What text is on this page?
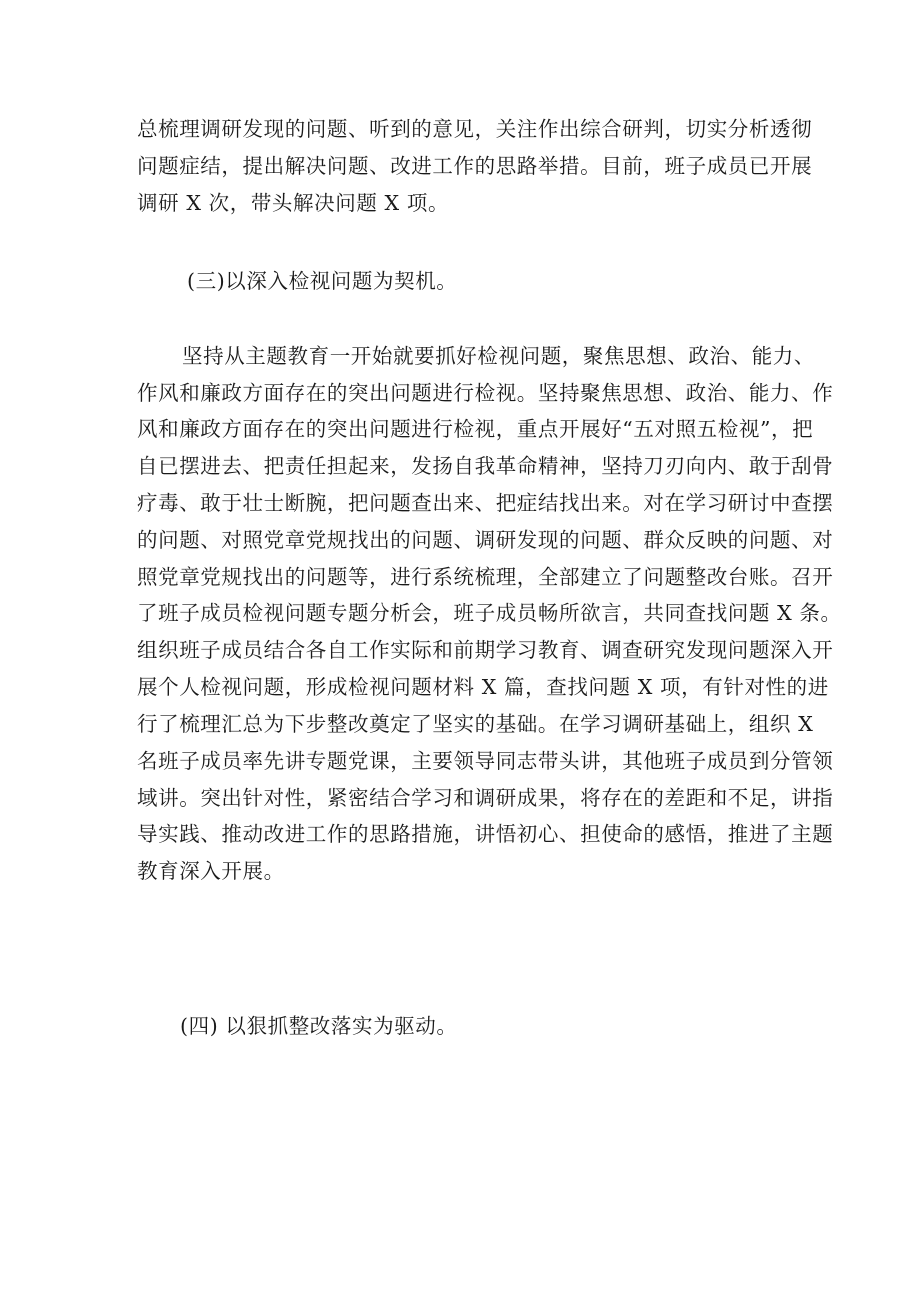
总梳理调研发现的问题、听到的意见，关注作出综合研判，切实分析透彻
问题症结，提出解决问题、改进工作的思路举措。目前，班子成员已开展
调研 X 次，带头解决问题 X 项。
(三)以深入检视问题为契机。
坚持从主题教育一开始就要抓好检视问题，聚焦思想、政治、能力、
作风和廉政方面存在的突出问题进行检视。坚持聚焦思想、政治、能力、作
风和廉政方面存在的突出问题进行检视，重点开展好“五对照五检视”，把
自已摆进去、把责任担起来，发扬自我革命精神，坚持刀刃向内、敢于刮骨
疗毒、敢于壮士断腕，把问题查出来、把症结找出来。对在学习研讨中查摆
的问题、对照党章党规找出的问题、调研发现的问题、群众反映的问题、对
照党章党规找出的问题等，进行系统梳理，全部建立了问题整改台账。召开
了班子成员检视问题专题分析会，班子成员畅所欲言，共同查找问题 X 条。
组织班子成员结合各自工作实际和前期学习教育、调查研究发现问题深入开
展个人检视问题，形成检视问题材料 X 篇，查找问题 X 项，有针对性的进
行了梳理汇总为下步整改奠定了坚实的基础。在学习调研基础上，组织 X
名班子成员率先讲专题党课，主要领导同志带头讲，其他班子成员到分管领
域讲。突出针对性，紧密结合学习和调研成果，将存在的差距和不足，讲指
导实践、推动改进工作的思路措施，讲悟初心、担使命的感悟，推进了主题
教育深入开展。
(四) 以狠抓整改落实为驱动。
